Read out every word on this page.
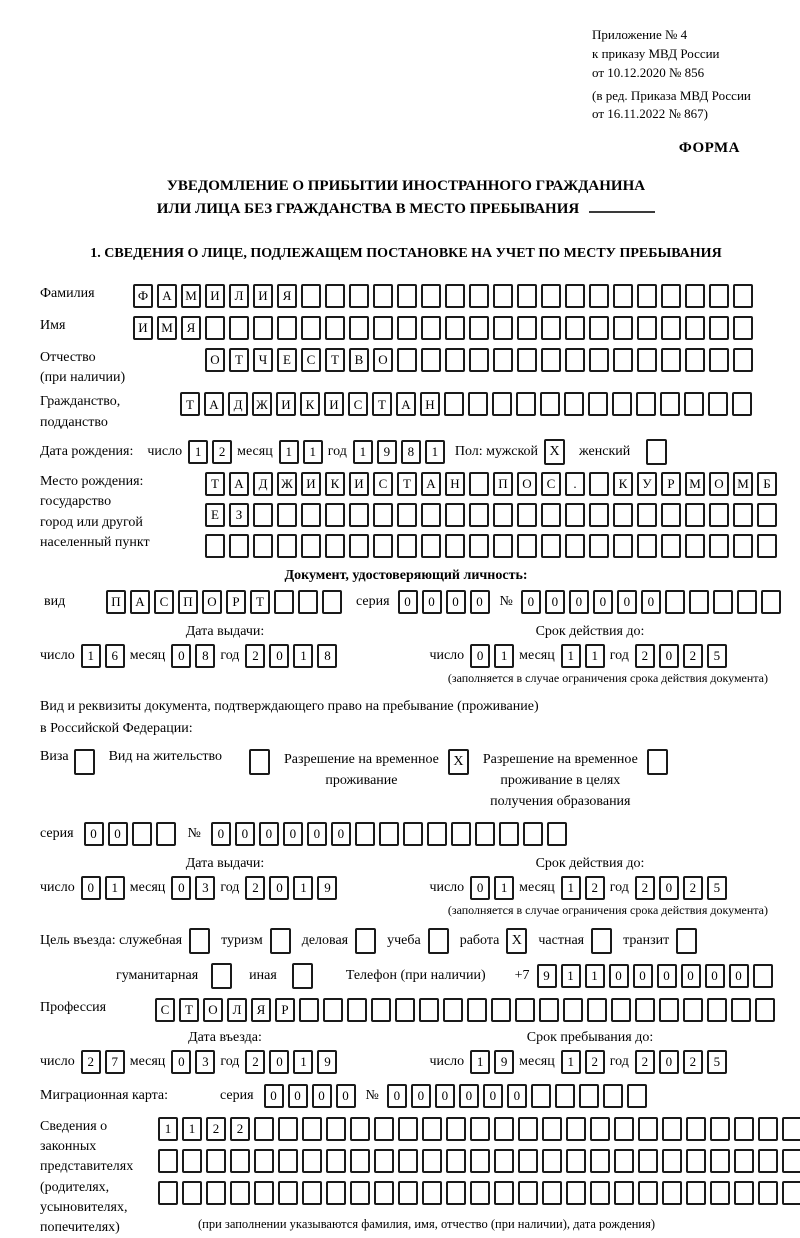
Приложение № 4
к приказу МВД России
от 10.12.2020 № 856
(в ред. Приказа МВД России
от 16.11.2022 № 867)
ФОРМА
УВЕДОМЛЕНИЕ О ПРИБЫТИИ ИНОСТРАННОГО ГРАЖДАНИНА
ИЛИ ЛИЦА БЕЗ ГРАЖДАНСТВА В МЕСТО ПРЕБЫВАНИЯ
1. СВЕДЕНИЯ О ЛИЦЕ, ПОДЛЕЖАЩЕМ ПОСТАНОВКЕ НА УЧЕТ ПО МЕСТУ ПРЕБЫВАНИЯ
Фамилия	Ф	А	М	И	Л	И	Я
Имя	И	М	Я
Отчество
(при наличии)
О	Т	Ч	Е	С	Т	В	О
Гражданство,
подданство
Т	А	Д	Ж	И	К	И	С	Т	А	Н
Дата рождения: число 1	2 месяц 1	1 год 1	9	8	1	Пол: мужской X	женский
Место рождения:
государство
город или другой
населенный пункт
Т	А	Д	Ж	И	К	И	С	Т	А	Н	П	О	С	.	К	У	Р	М	О	М	Б
Е	З
Документ, удостоверяющий личность:
вид	П	А	С	П	О	Р	Т	серия	0	0	0	0	№	0	0	0	0	0	0
Дата выдачи:	Срок действия до:
число 1	6 месяц 0	8 год 2	0	1	8	число 0	1 месяц 1	1 год 2	0	2	5
(заполняется в случае ограничения срока действия документа)
Вид и реквизиты документа, подтверждающего право на пребывание (проживание)
в Российской Федерации:
Виза	Вид на жительство	Разрешение на временное
проживание
X	Разрешение на временное
проживание в целях
получения образования
серия	0	0	№	0	0	0	0	0	0
Дата выдачи:	Срок действия до:
число 0	1 месяц 0	3 год 2	0	1	9	число 0	1 месяц 1	2 год 2	0	2	5
(заполняется в случае ограничения срока действия документа)
Цель въезда: служебная	туризм	деловая	учеба	работа X	частная	транзит
гуманитарная	иная	Телефон (при наличии) +7	9	1	1	0	0	0	0	0	0
Профессия	С	Т	О	Л	Я	Р
Дата въезда:	Срок пребывания до:
число 2	7 месяц 0	3 год 2	0	1	9	число 1	9 месяц 1	2 год 2	0	2	5
Миграционная карта:	серия	0	0	0	0	№	0	0	0	0	0	0
Сведения о
законных
представителях
(родителях,
усыновителях,
попечителях)
1	1	2	2
(при заполнении указываются фамилия, имя, отчество (при наличии), дата рождения)
